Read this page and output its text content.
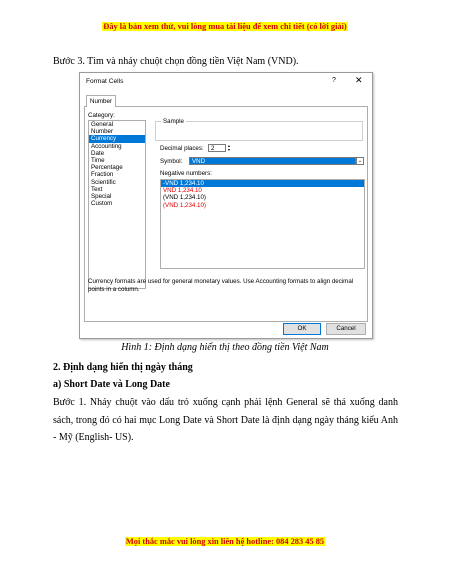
Đây là bản xem thử, vui lòng mua tài liệu để xem chi tiết (có lời giải)
Bước 3. Tìm và nháy chuột chọn đồng tiền Việt Nam (VND).
Format Cells	? ✕
Number
Category:
General
Number
Currency
Accounting
Date
Time
Percentage
Fraction
Scientific
Text
Special
Custom
Sample
Decimal places:	2	▲
▼
Symbol: VND	⌄
Negative numbers:
-VND 1,234.10
VND 1,234.10
(VND 1,234.10)
(VND 1,234.10)
Currency formats are used for general monetary values. Use Accounting formats to align decimal points in a column.
OK	Cancel
Hình 1: Định dạng hiển thị theo đồng tiền Việt Nam
2. Định dạng hiển thị ngày tháng
a) Short Date và Long Date
Bước 1. Nháy chuột vào dấu trỏ xuống cạnh phải lệnh General sẽ thả xuống danh sách, trong đó có hai mục Long Date và Short Date là định dạng ngày tháng kiểu Anh - Mỹ (English- US).
Mọi thắc mắc vui lòng xin liên hệ hotline: 084 283 45 85
